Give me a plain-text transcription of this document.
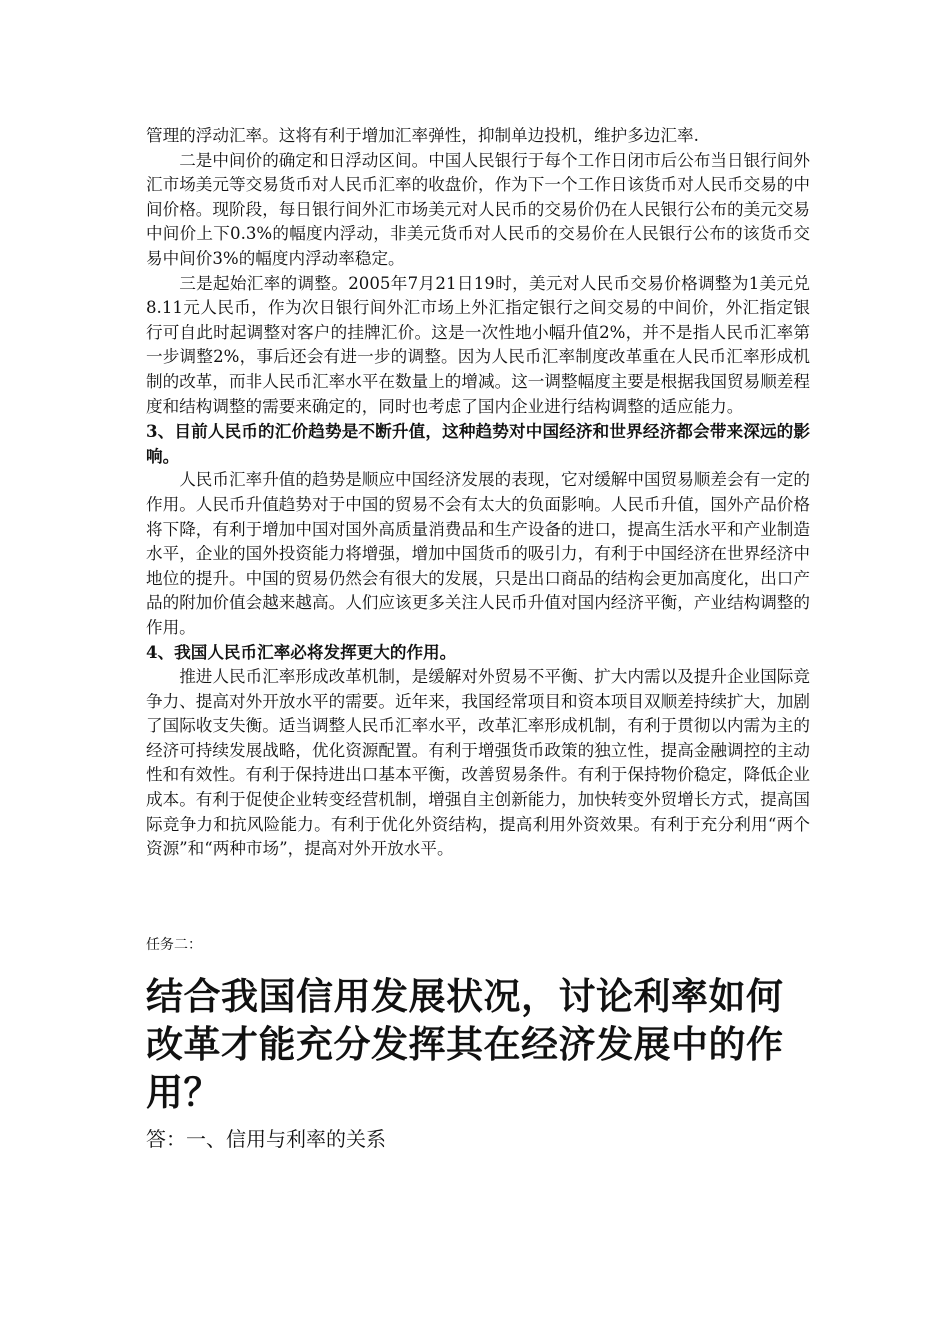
管理的浮动汇率。这将有利于增加汇率弹性，抑制单边投机，维护多边汇率.

二是中间价的确定和日浮动区间。中国人民银行于每个工作日闭市后公布当日银行间外汇市场美元等交易货币对人民币汇率的收盘价，作为下一个工作日该货币对人民币交易的中间价格。现阶段，每日银行间外汇市场美元对人民币的交易价仍在人民银行公布的美元交易中间价上下0.3%的幅度内浮动，非美元货币对人民币的交易价在人民银行公布的该货币交易中间价3%的幅度内浮动率稳定。

三是起始汇率的调整。2005年7月21日19时，美元对人民币交易价格调整为1美元兑8.11元人民币，作为次日银行间外汇市场上外汇指定银行之间交易的中间价，外汇指定银行可自此时起调整对客户的挂牌汇价。这是一次性地小幅升值2%，并不是指人民币汇率第一步调整2%，事后还会有进一步的调整。因为人民币汇率制度改革重在人民币汇率形成机制的改革，而非人民币汇率水平在数量上的增减。这一调整幅度主要是根据我国贸易顺差程度和结构调整的需要来确定的，同时也考虑了国内企业进行结构调整的适应能力。

3、目前人民币的汇价趋势是不断升值，这种趋势对中国经济和世界经济都会带来深远的影响。

人民币汇率升值的趋势是顺应中国经济发展的表现，它对缓解中国贸易顺差会有一定的作用。人民币升值趋势对于中国的贸易不会有太大的负面影响。人民币升值，国外产品价格将下降，有利于增加中国对国外高质量消费品和生产设备的进口，提高生活水平和产业制造水平，企业的国外投资能力将增强，增加中国货币的吸引力，有利于中国经济在世界经济中地位的提升。中国的贸易仍然会有很大的发展，只是出口商品的结构会更加高度化，出口产品的附加价值会越来越高。人们应该更多关注人民币升值对国内经济平衡，产业结构调整的作用。

4、我国人民币汇率必将发挥更大的作用。

推进人民币汇率形成改革机制，是缓解对外贸易不平衡、扩大内需以及提升企业国际竞争力、提高对外开放水平的需要。近年来，我国经常项目和资本项目双顺差持续扩大，加剧了国际收支失衡。适当调整人民币汇率水平，改革汇率形成机制，有利于贯彻以内需为主的经济可持续发展战略，优化资源配置。有利于增强货币政策的独立性，提高金融调控的主动性和有效性。有利于保持进出口基本平衡，改善贸易条件。有利于保持物价稳定，降低企业成本。有利于促使企业转变经营机制，增强自主创新能力，加快转变外贸增长方式，提高国际竞争力和抗风险能力。有利于优化外资结构，提高利用外资效果。有利于充分利用“两个资源”和“两种市场”，提高对外开放水平。

任务二：
结合我国信用发展状况，讨论利率如何改革才能充分发挥其在经济发展中的作用？
答：一、信用与利率的关系
